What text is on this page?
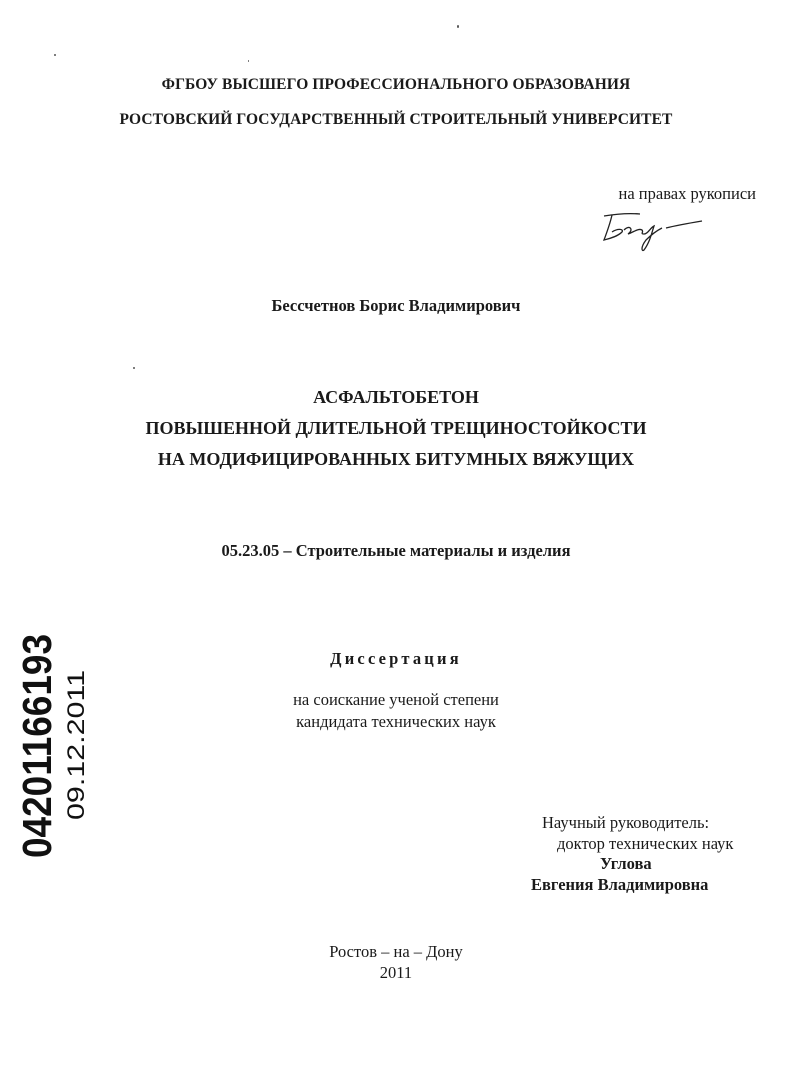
ФГБОУ ВЫСШЕГО ПРОФЕССИОНАЛЬНОГО ОБРАЗОВАНИЯ
РОСТОВСКИЙ ГОСУДАРСТВЕННЫЙ СТРОИТЕЛЬНЫЙ УНИВЕРСИТЕТ
на правах рукописи
Бессчетнов Борис Владимирович
АСФАЛЬТОБЕТОН
ПОВЫШЕННОЙ ДЛИТЕЛЬНОЙ ТРЕЩИНОСТОЙКОСТИ
НА МОДИФИЦИРОВАННЫХ БИТУМНЫХ ВЯЖУЩИХ
05.23.05 – Строительные материалы и изделия
Диссертация
на соискание ученой степени
кандидата технических наук
Научный руководитель:
доктор технических наук
Углова
Евгения Владимировна
Ростов – на – Дону
2011
04201166193 09.12.2011
